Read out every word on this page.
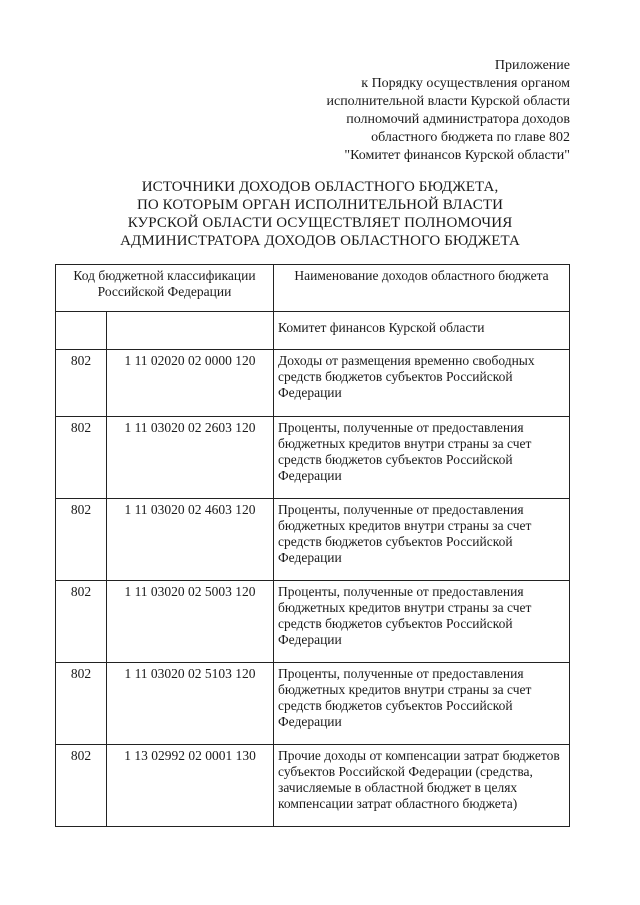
Приложение
к Порядку осуществления органом
исполнительной власти Курской области
полномочий администратора доходов
областного бюджета по главе 802
"Комитет финансов Курской области"
ИСТОЧНИКИ ДОХОДОВ ОБЛАСТНОГО БЮДЖЕТА,
ПО КОТОРЫМ ОРГАН ИСПОЛНИТЕЛЬНОЙ ВЛАСТИ
КУРСКОЙ ОБЛАСТИ ОСУЩЕСТВЛЯЕТ ПОЛНОМОЧИЯ
АДМИНИСТРАТОРА ДОХОДОВ ОБЛАСТНОГО БЮДЖЕТА
Код бюджетной классификации Российской Федерации		Наименование доходов областного бюджета
		Комитет финансов Курской области
802	1 11 02020 02 0000 120	Доходы от размещения временно свободных средств бюджетов субъектов Российской Федерации
802	1 11 03020 02 2603 120	Проценты, полученные от предоставления бюджетных кредитов внутри страны за счет средств бюджетов субъектов Российской Федерации
802	1 11 03020 02 4603 120	Проценты, полученные от предоставления бюджетных кредитов внутри страны за счет средств бюджетов субъектов Российской Федерации
802	1 11 03020 02 5003 120	Проценты, полученные от предоставления бюджетных кредитов внутри страны за счет средств бюджетов субъектов Российской Федерации
802	1 11 03020 02 5103 120	Проценты, полученные от предоставления бюджетных кредитов внутри страны за счет средств бюджетов субъектов Российской Федерации
802	1 13 02992 02 0001 130	Прочие доходы от компенсации затрат бюджетов субъектов Российской Федерации (средства, зачисляемые в областной бюджет в целях компенсации затрат областного бюджета)
